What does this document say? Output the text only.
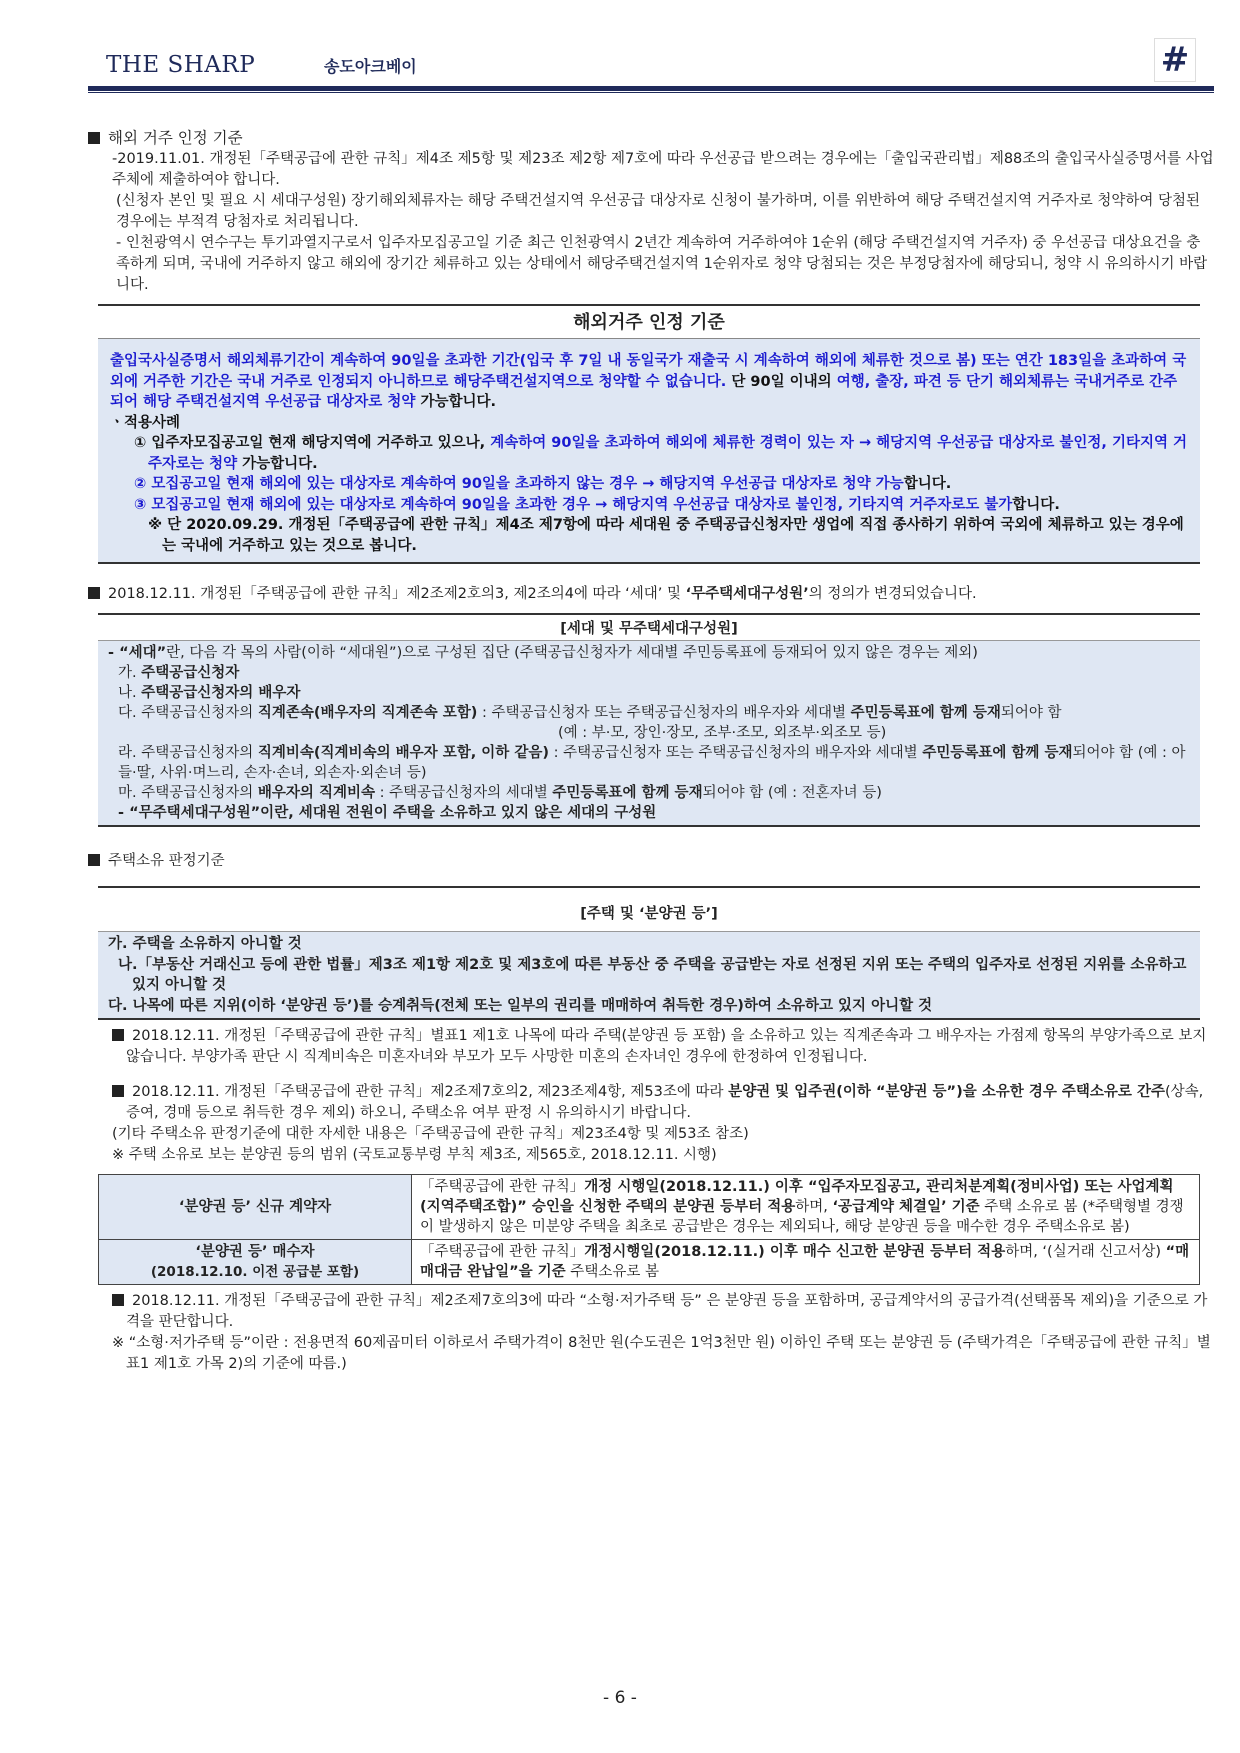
THE SHARP	송도아크베이	#

해외 거주 인정 기준

-2019.11.01. 개정된「주택공급에 관한 규칙」제4조 제5항 및 제23조 제2항 제7호에 따라 우선공급 받으려는 경우에는「출입국관리법」제88조의 출입국사실증명서를 사업주체에 제출하여야 합니다.

(신청자 본인 및 필요 시 세대구성원) 장기해외체류자는 해당 주택건설지역 우선공급 대상자로 신청이 불가하며, 이를 위반하여 해당 주택건설지역 거주자로 청약하여 당첨된 경우에는 부적격 당첨자로 처리됩니다.

- 인천광역시 연수구는 투기과열지구로서 입주자모집공고일 기준 최근 인천광역시 2년간 계속하여 거주하여야 1순위 (해당 주택건설지역 거주자) 중 우선공급 대상요건을 충족하게 되며, 국내에 거주하지 않고 해외에 장기간 체류하고 있는 상태에서 해당주택건설지역 1순위자로 청약 당첨되는 것은 부정당첨자에 해당되니, 청약 시 유의하시기 바랍니다.

해외거주 인정 기준

출입국사실증명서 해외체류기간이 계속하여 90일을 초과한 기간(입국 후 7일 내 동일국가 재출국 시 계속하여 해외에 체류한 것으로 봄) 또는 연간 183일을 초과하여 국외에 거주한 기간은 국내 거주로 인정되지 아니하므로 해당주택건설지역으로 청약할 수 없습니다. 단 90일 이내의 여행, 출장, 파견 등 단기 해외체류는 국내거주로 간주되어 해당 주택건설지역 우선공급 대상자로 청약 가능합니다.

ㆍ적용사례

① 입주자모집공고일 현재 해당지역에 거주하고 있으나, 계속하여 90일을 초과하여 해외에 체류한 경력이 있는 자 → 해당지역 우선공급 대상자로 불인정, 기타지역 거주자로는 청약 가능합니다.

② 모집공고일 현재 해외에 있는 대상자로 계속하여 90일을 초과하지 않는 경우 → 해당지역 우선공급 대상자로 청약 가능합니다.

③ 모집공고일 현재 해외에 있는 대상자로 계속하여 90일을 초과한 경우 → 해당지역 우선공급 대상자로 불인정, 기타지역 거주자로도 불가합니다.

※ 단 2020.09.29. 개정된「주택공급에 관한 규칙」제4조 제7항에 따라 세대원 중 주택공급신청자만 생업에 직접 종사하기 위하여 국외에 체류하고 있는 경우에는 국내에 거주하고 있는 것으로 봅니다.

2018.12.11. 개정된「주택공급에 관한 규칙」제2조제2호의3, 제2조의4에 따라 ‘세대’ 및 ‘무주택세대구성원’의 정의가 변경되었습니다.

[세대 및 무주택세대구성원]

- “세대”란, 다음 각 목의 사람(이하 “세대원”)으로 구성된 집단 (주택공급신청자가 세대별 주민등록표에 등재되어 있지 않은 경우는 제외)

가. 주택공급신청자

나. 주택공급신청자의 배우자

다. 주택공급신청자의 직계존속(배우자의 직계존속 포함) : 주택공급신청자 또는 주택공급신청자의 배우자와 세대별 주민등록표에 함께 등재되어야 함

(예 : 부·모, 장인·장모, 조부·조모, 외조부·외조모 등)

라. 주택공급신청자의 직계비속(직계비속의 배우자 포함, 이하 같음) : 주택공급신청자 또는 주택공급신청자의 배우자와 세대별 주민등록표에 함께 등재되어야 함 (예 : 아들·딸, 사위·며느리, 손자·손녀, 외손자·외손녀 등)

마. 주택공급신청자의 배우자의 직계비속 : 주택공급신청자의 세대별 주민등록표에 함께 등재되어야 함 (예 : 전혼자녀 등)

- “무주택세대구성원”이란, 세대원 전원이 주택을 소유하고 있지 않은 세대의 구성원

주택소유 판정기준

[주택 및 ‘분양권 등’]

가. 주택을 소유하지 아니할 것

나.「부동산 거래신고 등에 관한 법률」제3조 제1항 제2호 및 제3호에 따른 부동산 중 주택을 공급받는 자로 선정된 지위 또는 주택의 입주자로 선정된 지위를 소유하고 있지 아니할 것

다. 나목에 따른 지위(이하 ‘분양권 등’)를 승계취득(전체 또는 일부의 권리를 매매하여 취득한 경우)하여 소유하고 있지 아니할 것

2018.12.11. 개정된「주택공급에 관한 규칙」별표1 제1호 나목에 따라 주택(분양권 등 포함) 을 소유하고 있는 직계존속과 그 배우자는 가점제 항목의 부양가족으로 보지 않습니다. 부양가족 판단 시 직계비속은 미혼자녀와 부모가 모두 사망한 미혼의 손자녀인 경우에 한정하여 인정됩니다.

2018.12.11. 개정된「주택공급에 관한 규칙」제2조제7호의2, 제23조제4항, 제53조에 따라 분양권 및 입주권(이하 “분양권 등”)을 소유한 경우 주택소유로 간주(상속, 증여, 경매 등으로 취득한 경우 제외) 하오니, 주택소유 여부 판정 시 유의하시기 바랍니다.

(기타 주택소유 판정기준에 대한 자세한 내용은「주택공급에 관한 규칙」제23조4항 및 제53조 참조)

※ 주택 소유로 보는 분양권 등의 범위 (국토교통부령 부칙 제3조, 제565호, 2018.12.11. 시행)

‘분양권 등’ 신규 계약자	「주택공급에 관한 규칙」개정 시행일(2018.12.11.) 이후 “입주자모집공고, 관리처분계획(정비사업) 또는 사업계획(지역주택조합)” 승인을 신청한 주택의 분양권 등부터 적용하며, ‘공급계약 체결일’ 기준 주택 소유로 봄 (*주택형별 경쟁이 발생하지 않은 미분양 주택을 최초로 공급받은 경우는 제외되나, 해당 분양권 등을 매수한 경우 주택소유로 봄)

‘분양권 등’ 매수자
(2018.12.10. 이전 공급분 포함)	「주택공급에 관한 규칙」개정시행일(2018.12.11.) 이후 매수 신고한 분양권 등부터 적용하며, ‘(실거래 신고서상) “매매대금 완납일”을 기준 주택소유로 봄

2018.12.11. 개정된「주택공급에 관한 규칙」제2조제7호의3에 따라 “소형·저가주택 등” 은 분양권 등을 포함하며, 공급계약서의 공급가격(선택품목 제외)을 기준으로 가격을 판단합니다.

※ “소형·저가주택 등”이란 : 전용면적 60제곱미터 이하로서 주택가격이 8천만 원(수도권은 1억3천만 원) 이하인 주택 또는 분양권 등 (주택가격은「주택공급에 관한 규칙」별표1 제1호 가목 2)의 기준에 따름.)

- 6 -
